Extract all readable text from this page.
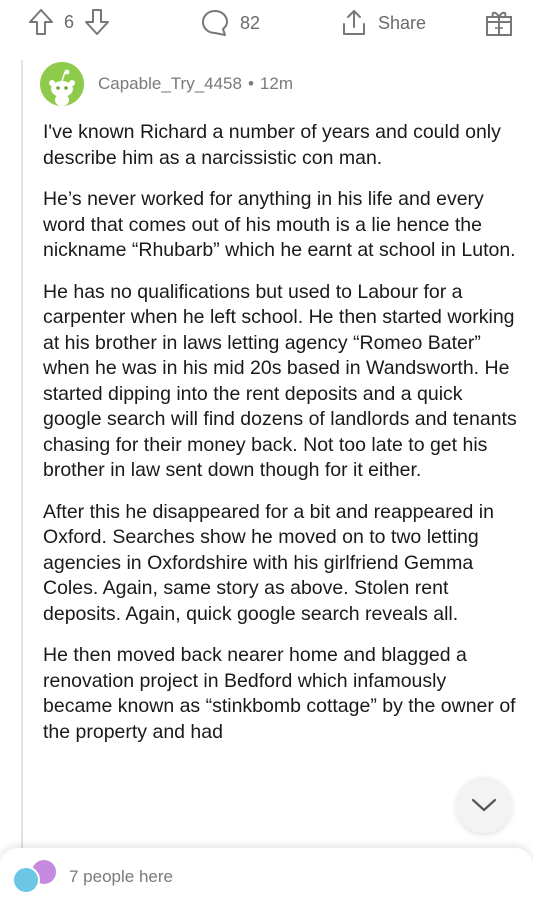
6	82	Share
Capable_Try_4458 • 12m

I've known Richard a number of years and could only describe him as a narcissistic con man.

He’s never worked for anything in his life and every word that comes out of his mouth is a lie hence the nickname “Rhubarb” which he earnt at school in Luton.

He has no qualifications but used to Labour for a carpenter when he left school. He then started working at his brother in laws letting agency “Romeo Bater” when he was in his mid 20s based in Wandsworth. He started dipping into the rent deposits and a quick google search will find dozens of landlords and tenants chasing for their money back. Not too late to get his brother in law sent down though for it either.

After this he disappeared for a bit and reappeared in Oxford. Searches show he moved on to two letting agencies in Oxfordshire with his girlfriend Gemma Coles. Again, same story as above. Stolen rent deposits. Again, quick google search reveals all.

He then moved back nearer home and blagged a renovation project in Bedford which infamously became known as “stinkbomb cottage” by the owner of the property and had

7 people here
